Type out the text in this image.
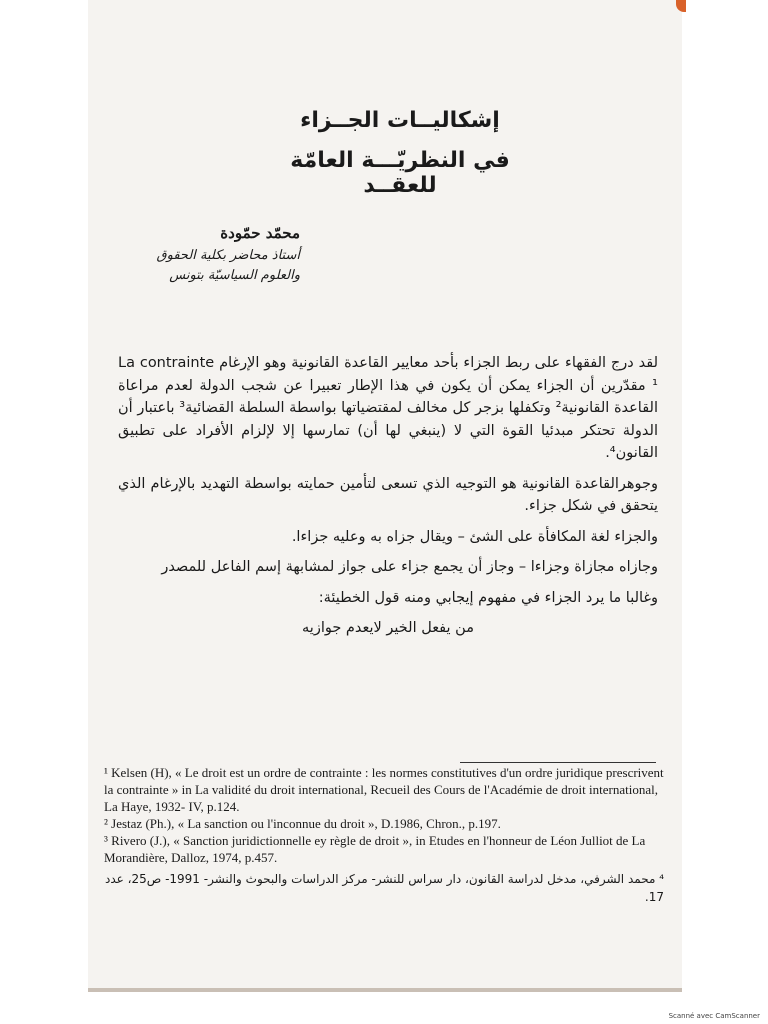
إشكاليــات الجــزاء
في النظريّـــة العامّة للعقــد
محمّد حمّودة
أستاذ محاضر بكلية الحقوق
والعلوم السياسيّة بتونس

لقد درج الفقهاء على ربط الجزاء بأحد معايير القاعدة القانونية وهو الإرغام La contrainte ¹ مقدّرين أن الجزاء يمكن أن يكون في هذا الإطار تعبيرا عن شجب الدولة لعدم مراعاة القاعدة القانونية² وتكفلها بزجر كل مخالف لمقتضياتها بواسطة السلطة القضائية³ باعتبار أن الدولة تحتكر مبدئيا القوة التي لا (ينبغي لها أن) تمارسها إلا لإلزام الأفراد على تطبيق القانون⁴.

وجوهرالقاعدة القانونية هو التوجيه الذي تسعى لتأمين حمايته بواسطة التهديد بالإرغام الذي يتحقق في شكل جزاء.

والجزاء لغة المكافأة على الشئ – ويقال جزاه به وعليه جزاءا.

وجازاه مجازاة وجزاءا – وجاز أن يجمع جزاء على جواز لمشابهة إسم الفاعل للمصدر

وغالبا ما يرد الجزاء في مفهوم إيجابي ومنه قول الخطيئة:

من يفعل الخير لايعدم جوازيه

¹ Kelsen (H), « Le droit est un ordre de contrainte : les normes constitutives d'un ordre juridique prescrivent la contrainte » in La validité du droit international, Recueil des Cours de l'Académie de droit international, La Haye, 1932- IV, p.124.

² Jestaz (Ph.), « La sanction ou l'inconnue du droit », D.1986, Chron., p.197.

³ Rivero (J.), « Sanction juridictionnelle ey règle de droit », in Etudes en l'honneur de Léon Julliot de La Morandière, Dalloz, 1974, p.457.

⁴ محمد الشرفي، مدخل لدراسة القانون، دار سراس للنشر- مركز الدراسات والبحوث والنشر- 1991- ص25، عدد 17.

Scanné avec CamScanner
